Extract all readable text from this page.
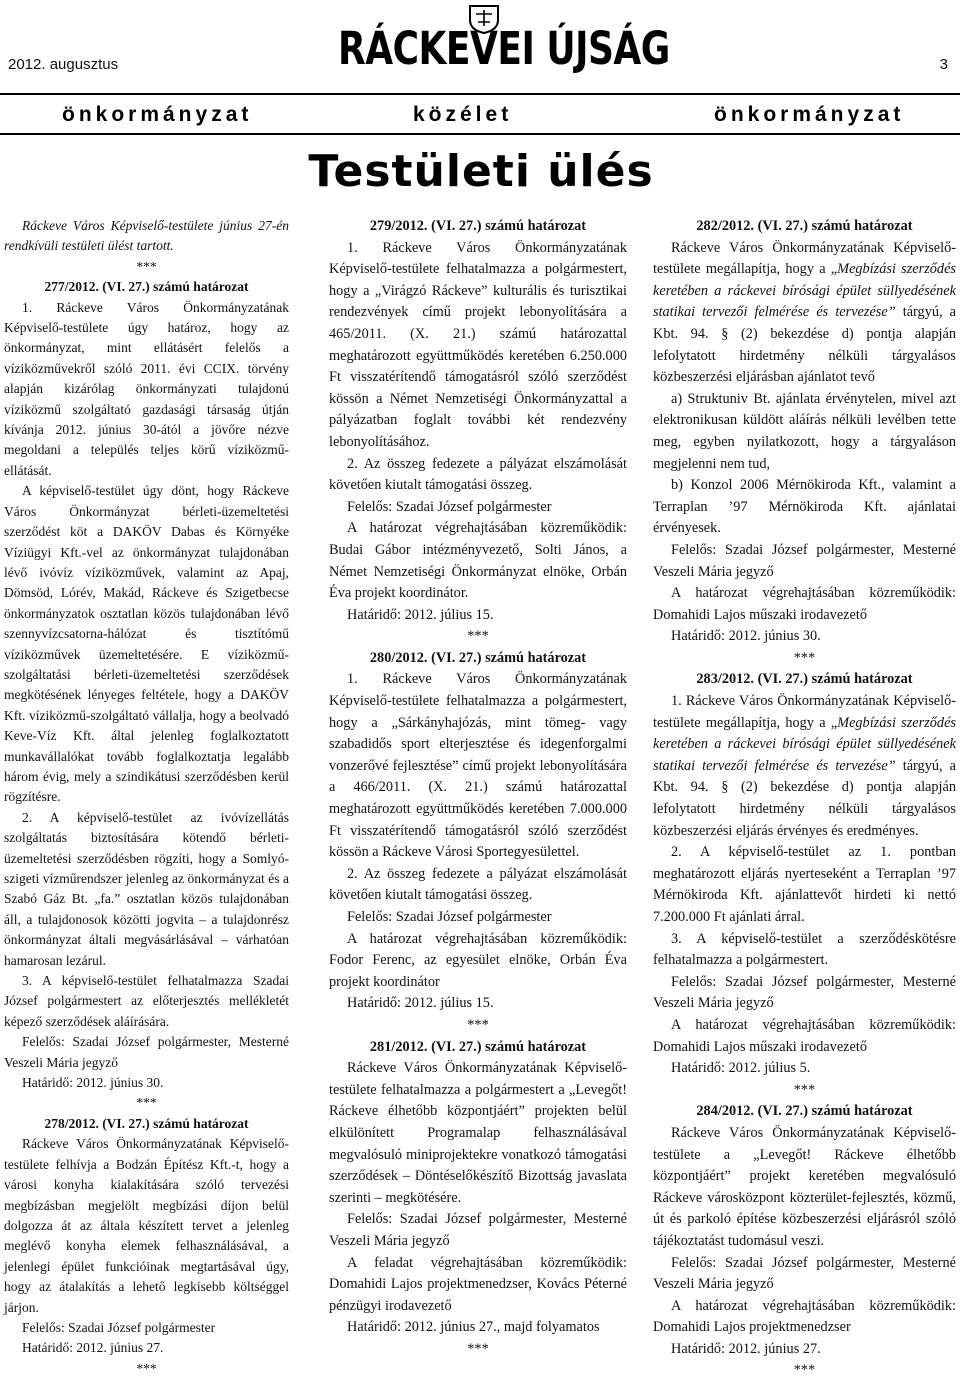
2012. augusztus	RÁCKEVEI ÚJSÁG	3
önkormányzat	közélet	önkormányzat
Testületi ülés

Ráckeve Város Képviselő-testülete június 27-én rendkívüli testületi ülést tartott.

***

277/2012. (VI. 27.) számú határozat

1. Ráckeve Város Önkormányzatának Képviselő-testülete úgy határoz, hogy az önkormányzat, mint ellátásért felelős a víziközművekről szóló 2011. évi CCIX. törvény alapján kizárólag önkormányzati tulajdonú víziközmű szolgáltató gazdasági társaság útján kívánja 2012. június 30-ától a jövőre nézve megoldani a település teljes körű víziközmű-ellátását.

A képviselő-testület úgy dönt, hogy Ráckeve Város Önkormányzat bérleti-üzemeltetési szerződést köt a DAKÖV Dabas és Környéke Víziügyi Kft.-vel az önkormányzat tulajdonában lévő ivóvíz víziközművek, valamint az Apaj, Dömsöd, Lórév, Makád, Ráckeve és Szigetbecse önkormányzatok osztatlan közös tulajdonában lévő szennyvízcsatorna-hálózat és tisztítómű víziközművek üzemeltetésére. E víziközmű-szolgáltatási bérleti-üzemeltetési szerződések megkötésének lényeges feltétele, hogy a DAKÖV Kft. víziközmű-szolgáltató vállalja, hogy a beolvadó Keve-Víz Kft. által jelenleg foglalkoztatott munkavállalókat tovább foglalkoztatja legalább három évig, mely a szindikátusi szerződésben kerül rögzítésre.

2. A képviselő-testület az ivóvízellátás szolgáltatás biztosítására kötendő bérleti-üzemeltetési szerződésben rögzíti, hogy a Somlyó-szigeti vízműrendszer jelenleg az önkormányzat és a Szabó Gáz Bt. „fa.” osztatlan közös tulajdonában áll, a tulajdonosok közötti jogvita – a tulajdonrész önkormányzat általi megvásárlásával – várhatóan hamarosan lezárul.

3. A képviselő-testület felhatalmazza Szadai József polgármestert az előterjesztés mellékletét képező szerződések aláírására.

Felelős: Szadai József polgármester, Mesterné Veszeli Mária jegyző

Határidő: 2012. június 30.

***

278/2012. (VI. 27.) számú határozat

Ráckeve Város Önkormányzatának Képviselő-testülete felhívja a Bodzán Építész Kft.-t, hogy a városi konyha kialakítására szóló tervezési megbízásban megjelölt megbízási díjon belül dolgozza át az általa készített tervet a jelenleg meglévő konyha elemek felhasználásával, a jelenlegi épület funkcióinak megtartásával úgy, hogy az átalakítás a lehető legkisebb költséggel járjon.

Felelős: Szadai József polgármester

Határidő: 2012. június 27.

***

279/2012. (VI. 27.) számú határozat

1. Ráckeve Város Önkormányzatának Képviselő-testülete felhatalmazza a polgármestert, hogy a „Virágzó Ráckeve” kulturális és turisztikai rendezvények című projekt lebonyolítására a 465/2011. (X. 21.) számú határozattal meghatározott együttműködés keretében 6.250.000 Ft visszatérítendő támogatásról szóló szerződést kössön a Német Nemzetiségi Önkormányzattal a pályázatban foglalt további két rendezvény lebonyolításához.

2. Az összeg fedezete a pályázat elszámolását követően kiutalt támogatási összeg.

Felelős: Szadai József polgármester

A határozat végrehajtásában közreműködik: Budai Gábor intézményvezető, Solti János, a Német Nemzetiségi Önkormányzat elnöke, Orbán Éva projekt koordinátor.

Határidő: 2012. július 15.

***

280/2012. (VI. 27.) számú határozat

1. Ráckeve Város Önkormányzatának Képviselő-testülete felhatalmazza a polgármestert, hogy a „Sárkányhajózás, mint tömeg- vagy szabadidős sport elterjesztése és idegenforgalmi vonzerővé fejlesztése” című projekt lebonyolítására a 466/2011. (X. 21.) számú határozattal meghatározott együttműködés keretében 7.000.000 Ft visszatérítendő támogatásról szóló szerződést kössön a Ráckeve Városi Sportegyesülettel.

2. Az összeg fedezete a pályázat elszámolását követően kiutalt támogatási összeg.

Felelős: Szadai József polgármester

A határozat végrehajtásában közreműködik: Fodor Ferenc, az egyesület elnöke, Orbán Éva projekt koordinátor

Határidő: 2012. július 15.

***

281/2012. (VI. 27.) számú határozat

Ráckeve Város Önkormányzatának Képviselő-testülete felhatalmazza a polgármestert a „Levegőt! Ráckeve élhetőbb központjáért” projekten belül elkülönített Programalap felhasználásával megvalósuló miniprojektekre vonatkozó támogatási szerződések – Döntéselőkészítő Bizottság javaslata szerinti – megkötésére.

Felelős: Szadai József polgármester, Mesterné Veszeli Mária jegyző

A feladat végrehajtásában közreműködik: Domahidi Lajos projektmenedzser, Kovács Péterné pénzügyi irodavezető

Határidő: 2012. június 27., majd folyamatos

***

282/2012. (VI. 27.) számú határozat

Ráckeve Város Önkormányzatának Képviselő-testülete megállapítja, hogy a „Megbízási szerződés keretében a ráckevei bírósági épület süllyedésének statikai tervezői felmérése és tervezése” tárgyú, a Kbt. 94. § (2) bekezdése d) pontja alapján lefolytatott hirdetmény nélküli tárgyalásos közbeszerzési eljárásban ajánlatot tevő

a) Struktuniv Bt. ajánlata érvénytelen, mivel azt elektronikusan küldött aláírás nélküli levélben tette meg, egyben nyilatkozott, hogy a tárgyaláson megjelenni nem tud,

b) Konzol 2006 Mérnökiroda Kft., valamint a Terraplan ’97 Mérnökiroda Kft. ajánlatai érvényesek.

Felelős: Szadai József polgármester, Mesterné Veszeli Mária jegyző

A határozat végrehajtásában közreműködik: Domahidi Lajos műszaki irodavezető

Határidő: 2012. június 30.

***

283/2012. (VI. 27.) számú határozat

1. Ráckeve Város Önkormányzatának Képviselő-testülete megállapítja, hogy a „Megbízási szerződés keretében a ráckevei bírósági épület süllyedésének statikai tervezői felmérése és tervezése” tárgyú, a Kbt. 94. § (2) bekezdése d) pontja alapján lefolytatott hirdetmény nélküli tárgyalásos közbeszerzési eljárás érvényes és eredményes.

2. A képviselő-testület az 1. pontban meghatározott eljárás nyerteseként a Terraplan ’97 Mérnökiroda Kft. ajánlattevőt hirdeti ki nettó 7.200.000 Ft ajánlati árral.

3. A képviselő-testület a szerződéskötésre felhatalmazza a polgármestert.

Felelős: Szadai József polgármester, Mesterné Veszeli Mária jegyző

A határozat végrehajtásában közreműködik: Domahidi Lajos műszaki irodavezető

Határidő: 2012. július 5.

***

284/2012. (VI. 27.) számú határozat

Ráckeve Város Önkormányzatának Képviselő-testülete a „Levegőt! Ráckeve élhetőbb központjáért” projekt keretében megvalósuló Ráckeve városközpont közterület-fejlesztés, közmű, út és parkoló építése közbeszerzési eljárásról szóló tájékoztatást tudomásul veszi.

Felelős: Szadai József polgármester, Mesterné Veszeli Mária jegyző

A határozat végrehajtásában közreműködik: Domahidi Lajos projektmenedzser

Határidő: 2012. június 27.

***
